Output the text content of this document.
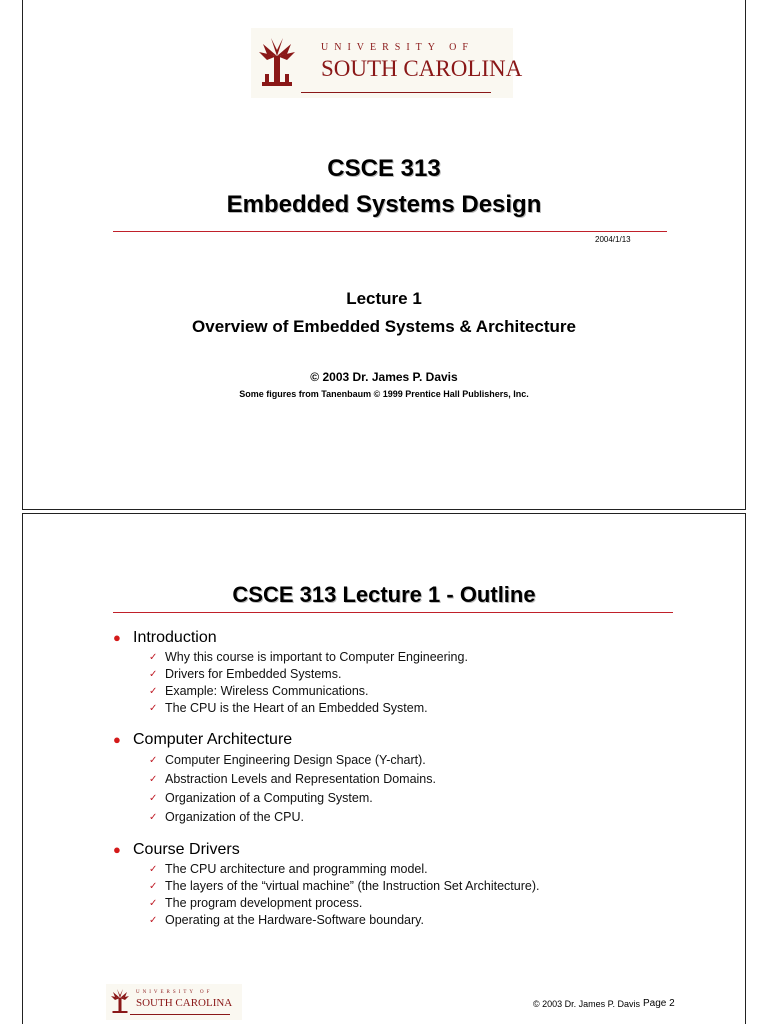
UNIVERSITY OF
SOUTH CAROLINA
CSCE 313
Embedded Systems Design
2004/1/13
Lecture 1
Overview of Embedded Systems & Architecture
© 2003 Dr. James P. Davis
Some figures from Tanenbaum © 1999 Prentice Hall Publishers, Inc.
CSCE 313 Lecture 1 - Outline
● Introduction
✓ Why this course is important to Computer Engineering.
✓ Drivers for Embedded Systems.
✓ Example: Wireless Communications.
✓ The CPU is the Heart of an Embedded System.
● Computer Architecture
✓ Computer Engineering Design Space (Y-chart).
✓ Abstraction Levels and Representation Domains.
✓ Organization of a Computing System.
✓ Organization of the CPU.
● Course Drivers
✓ The CPU architecture and programming model.
✓ The layers of the “virtual machine” (the Instruction Set Architecture).
✓ The program development process.
✓ Operating at the Hardware-Software boundary.
UNIVERSITY OF
SOUTH CAROLINA	© 2003 Dr. James P. Davis Page 2
